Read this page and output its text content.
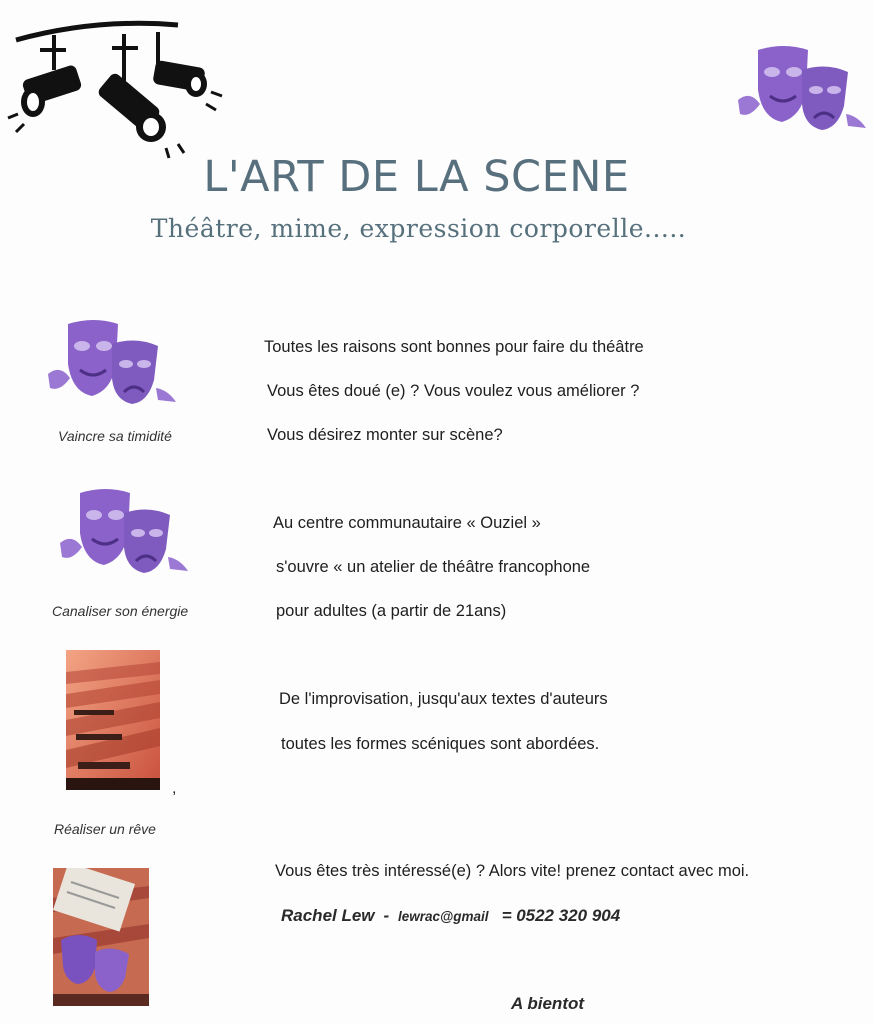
L'ART DE LA SCENE
Théâtre, mime, expression corporelle.....
Vaincre sa timidité
Toutes les raisons sont bonnes pour faire du théâtre
Vous êtes doué (e) ? Vous voulez vous améliorer ?
Vous désirez monter sur scène?
Canaliser son énergie
Au centre communautaire « Ouziel »
s'ouvre « un atelier de théâtre francophone
pour adultes (a partir de 21ans)
,
Réaliser un rêve
De l'improvisation, jusqu'aux textes d'auteurs
toutes les formes scéniques sont abordées.
Vous êtes très intéressé(e) ? Alors vite! prenez contact avec moi.
Rachel Lew - lewrac@gmail = 0522 320 904
A bientot
